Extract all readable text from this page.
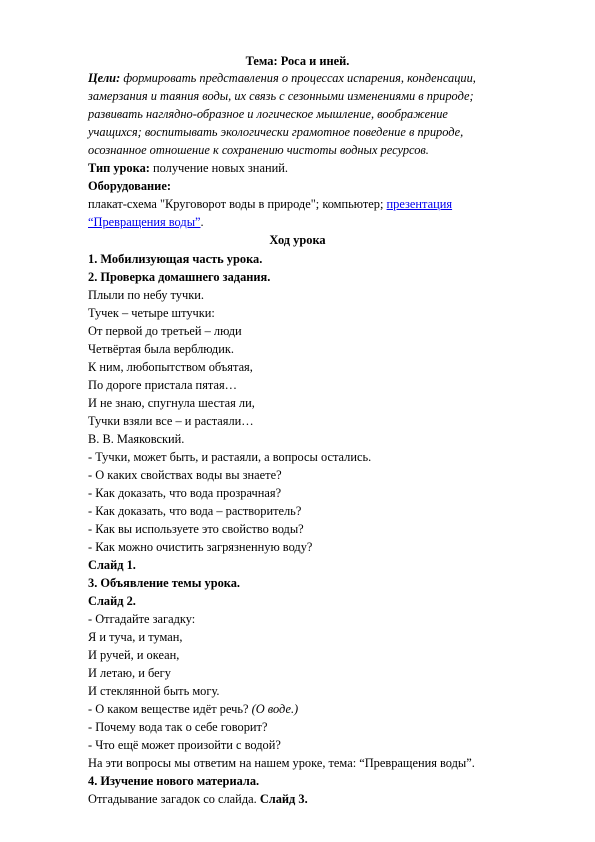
Тема: Роса и иней.
Цели: формировать представления о процессах испарения, конденсации,
замерзания и таяния воды, их связь с сезонными изменениями в природе;
развивать наглядно-образное и логическое мышление, воображение
учащихся; воспитывать экологически грамотное поведение в природе,
осознанное отношение к сохранению чистоты водных ресурсов.
Тип урока: получение новых знаний.
Оборудование:
плакат-схема "Круговорот воды в природе"; компьютер; презентация
“Превращения воды”.
Ход урока
1. Мобилизующая часть урока.
2. Проверка домашнего задания.
Плыли по небу тучки.
Тучек – четыре штучки:
От первой до третьей – люди
Четвёртая была верблюдик.
К ним, любопытством объятая,
По дороге пристала пятая…
И не знаю, спугнула шестая ли,
Тучки взяли все – и растаяли…
В. В. Маяковский.
- Тучки, может быть, и растаяли, а вопросы остались.
- О каких свойствах воды вы знаете?
- Как доказать, что вода прозрачная?
- Как доказать, что вода – растворитель?
- Как вы используете это свойство воды?
- Как можно очистить загрязненную воду?
Слайд 1.
3. Объявление темы урока.
Слайд 2.
- Отгадайте загадку:
Я и туча, и туман,
И ручей, и океан,
И летаю, и бегу
И стеклянной быть могу.
- О каком веществе идёт речь? (О воде.)
- Почему вода так о себе говорит?
- Что ещё может произойти с водой?
На эти вопросы мы ответим на нашем уроке, тема: “Превращения воды”.
4. Изучение нового материала.
Отгадывание загадок со слайда. Слайд 3.
